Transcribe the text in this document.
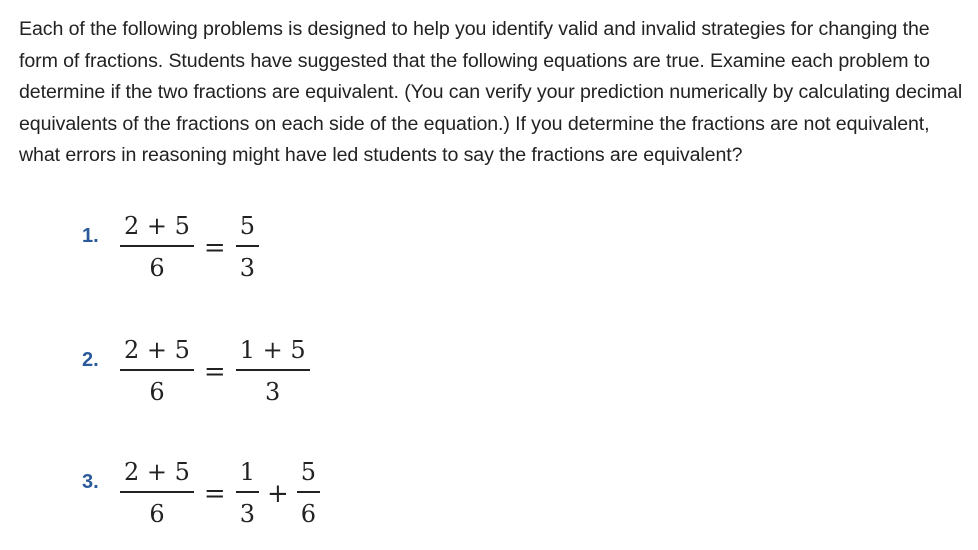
Each of the following problems is designed to help you identify valid and invalid strategies for changing the form of fractions. Students have suggested that the following equations are true. Examine each problem to determine if the two fractions are equivalent. (You can verify your prediction numerically by calculating decimal equivalents of the fractions on each side of the equation.) If you determine the fractions are not equivalent, what errors in reasoning might have led students to say the fractions are equivalent?

1. $\frac{2 + 5}{6} = \frac{5}{3}$
2. $\frac{2 + 5}{6} = \frac{1 + 5}{3}$
3. $\frac{2 + 5}{6} = \frac{1}{3} + \frac{5}{6}$
